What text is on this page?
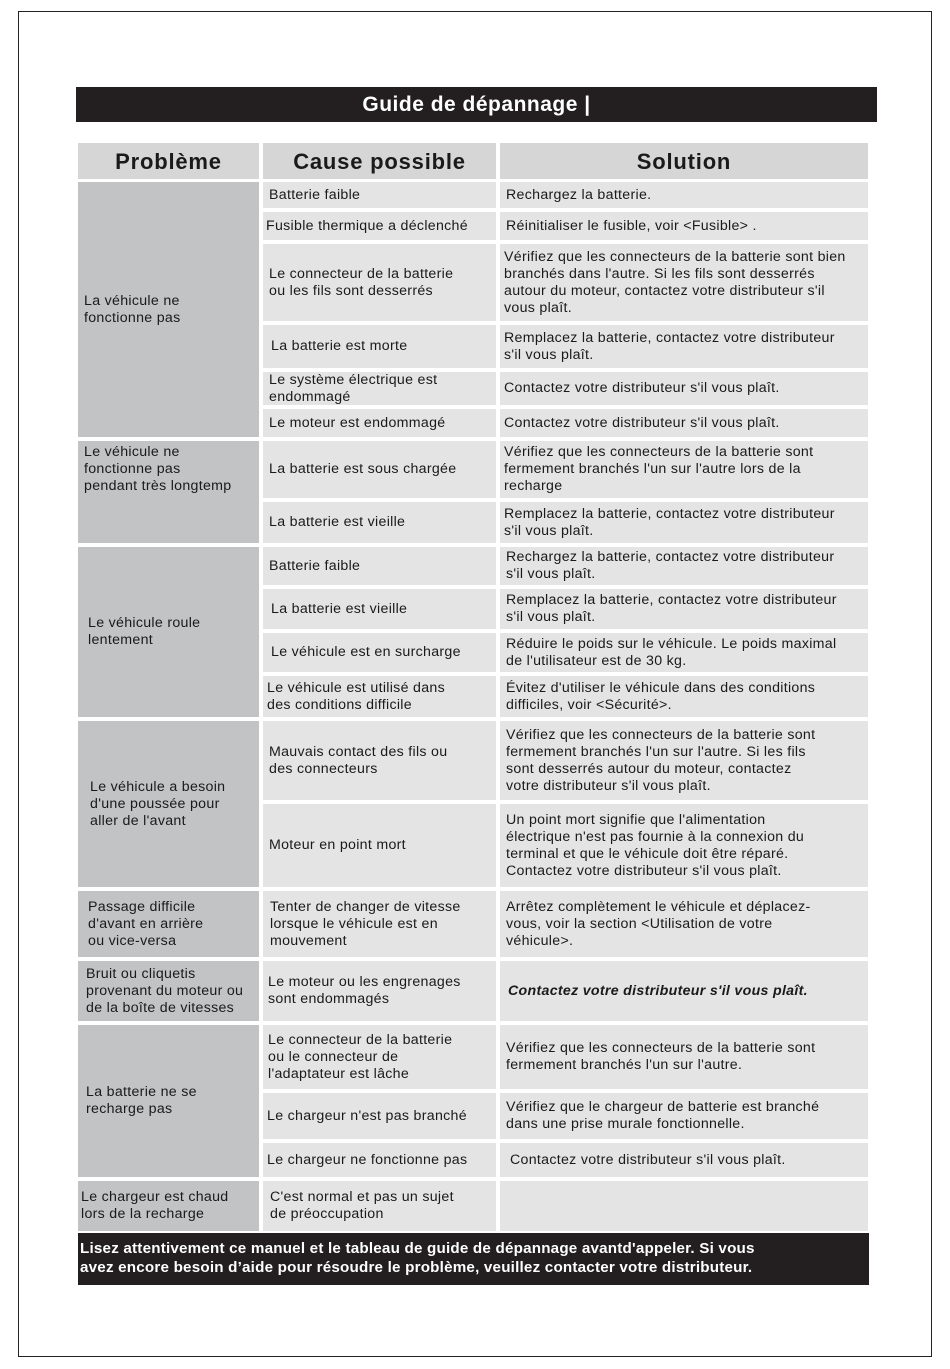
Guide de dépannage |
Problème	Cause possible	Solution
La véhicule ne
fonctionne pas
Le véhicule ne
fonctionne pas
pendant très longtemp
Le véhicule roule
lentement
Le véhicule a besoin
d'une poussée pour
aller de l'avant
Passage difficile
d'avant en arrière
ou vice-versa
Bruit ou cliquetis
provenant du moteur ou
de la boîte de vitesses
La batterie ne se
recharge pas
Le chargeur est chaud
lors de la recharge
Batterie faible
Fusible thermique a déclenché
Le connecteur de la batterie
ou les fils sont desserrés
La batterie est morte
Le système électrique est
endommagé
Le moteur est endommagé
La batterie est sous chargée
La batterie est vieille
Batterie faible
La batterie est vieille
Le véhicule est en surcharge
Le véhicule est utilisé dans
des conditions difficile
Mauvais contact des fils ou
des connecteurs
Moteur en point mort
Tenter de changer de vitesse
lorsque le véhicule est en
mouvement
Le moteur ou les engrenages
sont endommagés
Le connecteur de la batterie
ou le connecteur de
l'adaptateur est lâche
Le chargeur n'est pas branché
Le chargeur ne fonctionne pas
C'est normal et pas un sujet
de préoccupation
Rechargez la batterie.
Réinitialiser le fusible, voir <Fusible> .
Vérifiez que les connecteurs de la batterie sont bien
branchés dans l'autre. Si les fils sont desserrés
autour du moteur, contactez votre distributeur s'il
vous plaît.
Remplacez la batterie, contactez votre distributeur
s'il vous plaît.
Contactez votre distributeur s'il vous plaît.
Contactez votre distributeur s'il vous plaît.
Vérifiez que les connecteurs de la batterie sont
fermement branchés l'un sur l'autre lors de la
recharge
Remplacez la batterie, contactez votre distributeur
s'il vous plaît.
Rechargez la batterie, contactez votre distributeur
s'il vous plaît.
Remplacez la batterie, contactez votre distributeur
s'il vous plaît.
Réduire le poids sur le véhicule. Le poids maximal
de l'utilisateur est de 30 kg.
Évitez d'utiliser le véhicule dans des conditions
difficiles, voir <Sécurité>.
Vérifiez que les connecteurs de la batterie sont
fermement branchés l'un sur l'autre. Si les fils
sont desserrés autour du moteur, contactez
votre distributeur s'il vous plaît.
Un point mort signifie que l'alimentation
électrique n'est pas fournie à la connexion du
terminal et que le véhicule doit être réparé.
Contactez votre distributeur s'il vous plaît.
Arrêtez complètement le véhicule et déplacez-
vous, voir la section <Utilisation de votre
véhicule>.
Contactez votre distributeur s'il vous plaît.
Vérifiez que les connecteurs de la batterie sont
fermement branchés l'un sur l'autre.
Vérifiez que le chargeur de batterie est branché
dans une prise murale fonctionnelle.
Contactez votre distributeur s'il vous plaît.
Lisez attentivement ce manuel et le tableau de guide de dépannage avantd'appeler. Si vous
avez encore besoin d’aide pour résoudre le problème, veuillez contacter votre distributeur.
